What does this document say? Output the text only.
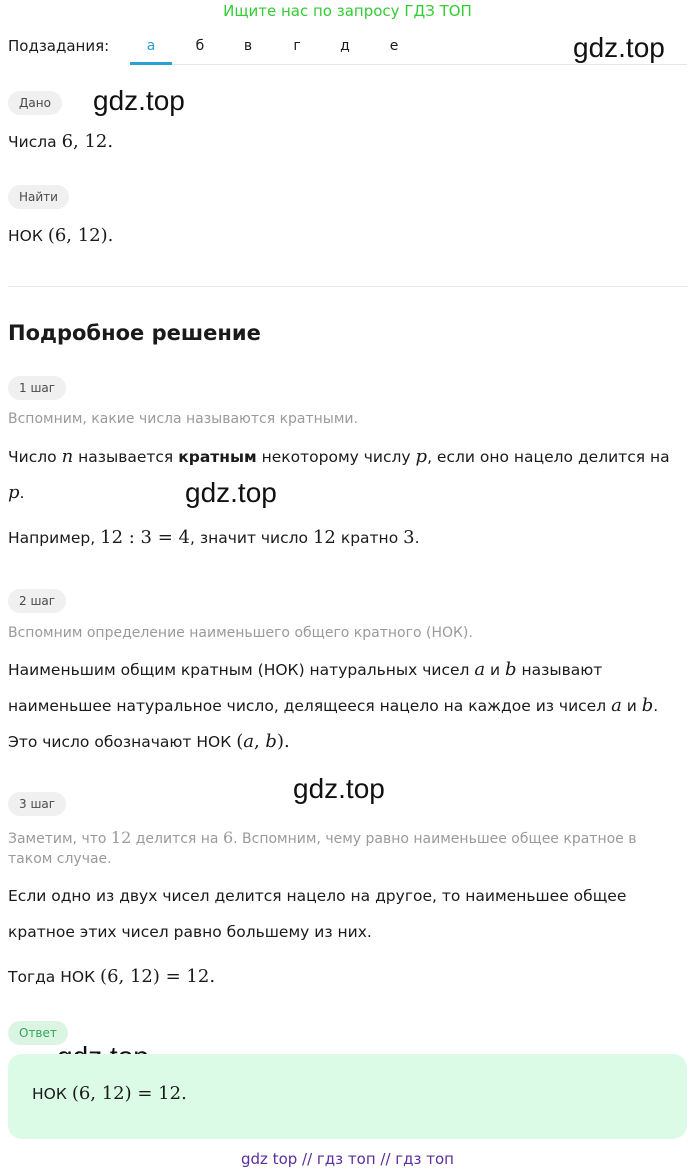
Ищите нас по запросу ГДЗ ТОП
Подзадания:	а	б	в	г	д	е	gdz.top
gdz.top
gdz.top
gdz.top
Дано
Числа 6, 12.
Найти
НОК (6, 12).
Подробное решение
1 шаг
Вспомним, какие числа называются кратными.
Число n называется кратным некоторому числу p, если оно нацело делится на
p.
Например, 12 : 3 = 4, значит число 12 кратно 3.
2 шаг
Вспомним определение наименьшего общего кратного (НОК).
Наименьшим общим кратным (НОК) натуральных чисел a и b называют
наименьшее натуральное число, делящееся нацело на каждое из чисел a и b.
Это число обозначают НОК (a, b).
3 шаг
Заметим, что 12 делится на 6. Вспомним, чему равно наименьшее общее кратное в
таком случае.
Если одно из двух чисел делится нацело на другое, то наименьшее общее
кратное этих чисел равно большему из них.
Тогда НОК (6, 12) = 12.
Ответ
НОК (6, 12) = 12.
gdz top // гдз топ // гдз топ
